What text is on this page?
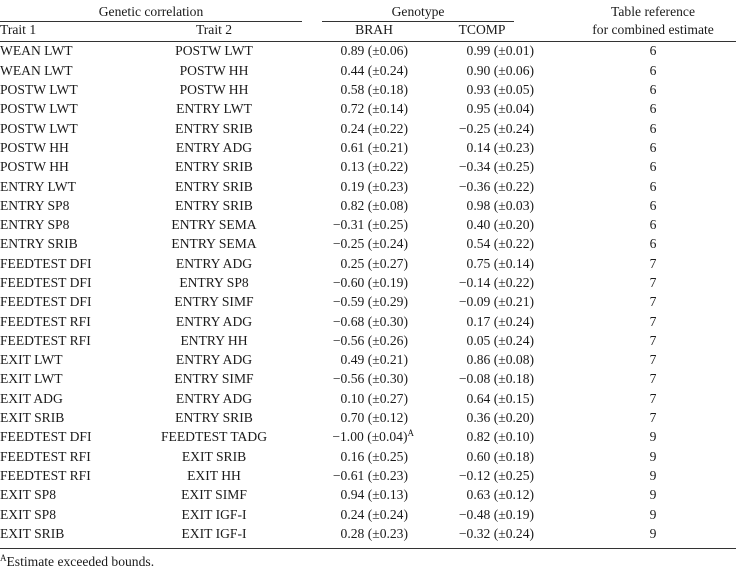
Genetic correlation		Genotype		Table reference
Trait 1	Trait 2	BRAH	TCOMP	for combined estimate
WEAN LWT	POSTW LWT	0.89 (±0.06)	0.99 (±0.01)	6
WEAN LWT	POSTW HH	0.44 (±0.24)	0.90 (±0.06)	6
POSTW LWT	POSTW HH	0.58 (±0.18)	0.93 (±0.05)	6
POSTW LWT	ENTRY LWT	0.72 (±0.14)	0.95 (±0.04)	6
POSTW LWT	ENTRY SRIB	0.24 (±0.22)	−0.25 (±0.24)	6
POSTW HH	ENTRY ADG	0.61 (±0.21)	0.14 (±0.23)	6
POSTW HH	ENTRY SRIB	0.13 (±0.22)	−0.34 (±0.25)	6
ENTRY LWT	ENTRY SRIB	0.19 (±0.23)	−0.36 (±0.22)	6
ENTRY SP8	ENTRY SRIB	0.82 (±0.08)	0.98 (±0.03)	6
ENTRY SP8	ENTRY SEMA	−0.31 (±0.25)	0.40 (±0.20)	6
ENTRY SRIB	ENTRY SEMA	−0.25 (±0.24)	0.54 (±0.22)	6
FEEDTEST DFI	ENTRY ADG	0.25 (±0.27)	0.75 (±0.14)	7
FEEDTEST DFI	ENTRY SP8	−0.60 (±0.19)	−0.14 (±0.22)	7
FEEDTEST DFI	ENTRY SIMF	−0.59 (±0.29)	−0.09 (±0.21)	7
FEEDTEST RFI	ENTRY ADG	−0.68 (±0.30)	0.17 (±0.24)	7
FEEDTEST RFI	ENTRY HH	−0.56 (±0.26)	0.05 (±0.24)	7
EXIT LWT	ENTRY ADG	0.49 (±0.21)	0.86 (±0.08)	7
EXIT LWT	ENTRY SIMF	−0.56 (±0.30)	−0.08 (±0.18)	7
EXIT ADG	ENTRY ADG	0.10 (±0.27)	0.64 (±0.15)	7
EXIT SRIB	ENTRY SRIB	0.70 (±0.12)	0.36 (±0.20)	7
FEEDTEST DFI	FEEDTEST TADG	−1.00 $(\pm 0.04)^A$	0.82 (±0.10)	9
FEEDTEST RFI	EXIT SRIB	0.16 (±0.25)	0.60 (±0.18)	9
FEEDTEST RFI	EXIT HH	−0.61 (±0.23)	−0.12 (±0.25)	9
EXIT SP8	EXIT SIMF	0.94 (±0.13)	0.63 (±0.12)	9
EXIT SP8	EXIT IGF-I	0.24 (±0.24)	−0.48 (±0.19)	9
EXIT SRIB	EXIT IGF-I	0.28 (±0.23)	−0.32 (±0.24)	9
$^A$Estimate exceeded bounds.
